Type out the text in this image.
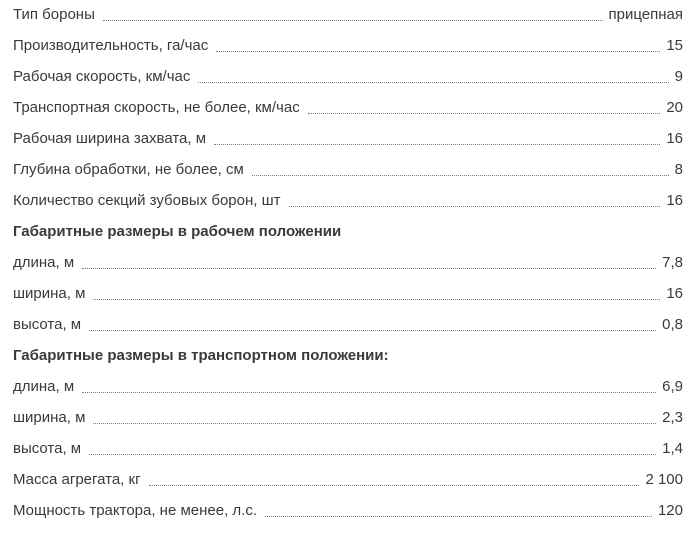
Тип бороны	прицепная
Производительность, га/час	15
Рабочая скорость, км/час	9
Транспортная скорость, не более, км/час	20
Рабочая ширина захвата, м	16
Глубина обработки, не более, см	8
Количество секций зубовых борон, шт	16
Габаритные размеры в рабочем положении
длина, м	7,8
ширина, м	16
высота, м	0,8
Габаритные размеры в транспортном положении:
длина, м	6,9
ширина, м	2,3
высота, м	1,4
Масса агрегата, кг	2 100
Мощность трактора, не менее, л.с.	120
